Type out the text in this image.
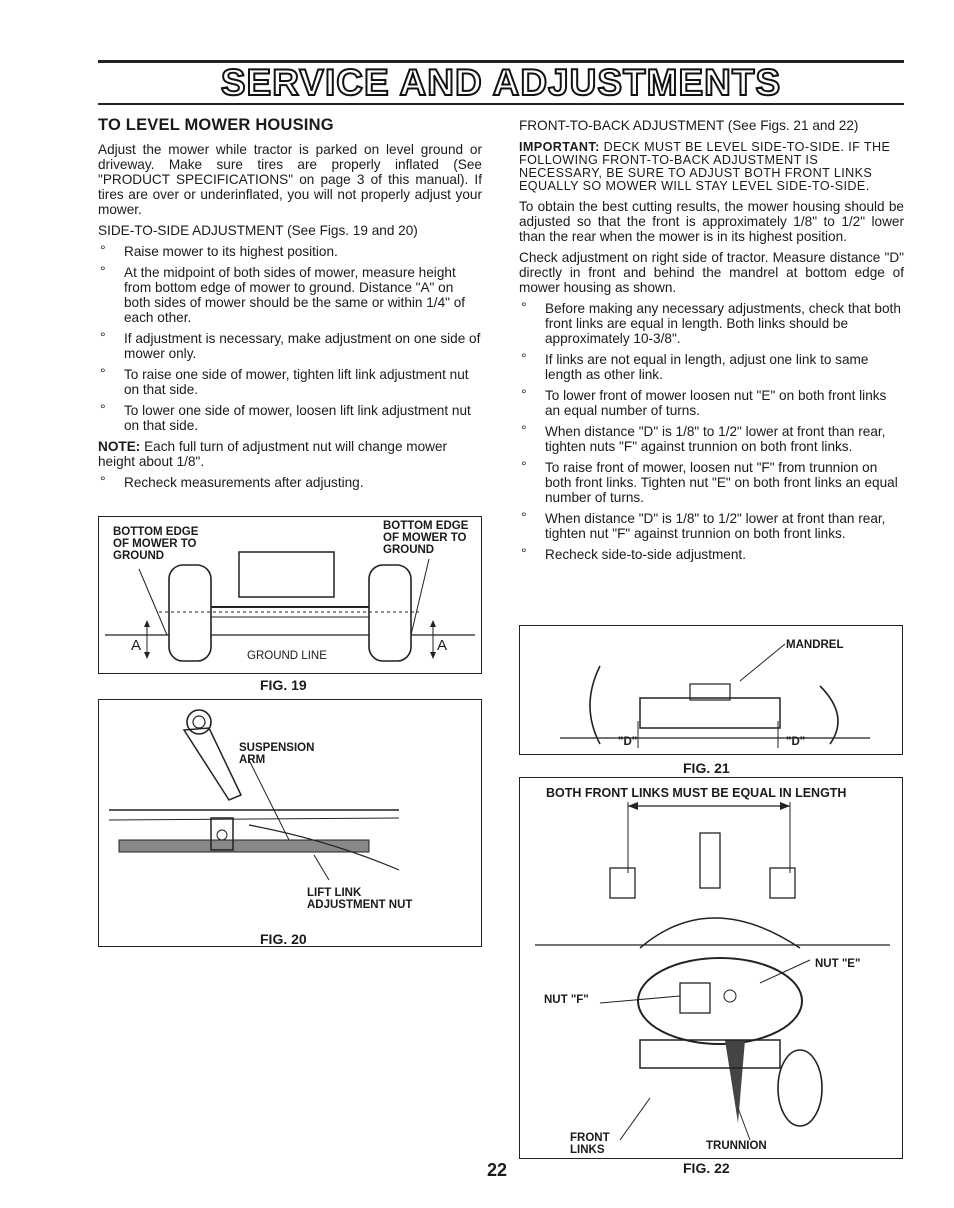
SERVICE AND ADJUSTMENTS
TO LEVEL MOWER HOUSING

Adjust the mower while tractor is parked on level ground or driveway. Make sure tires are properly inflated (See "PRODUCT SPECIFICATIONS" on page 3 of this manual). If tires are over or underinflated, you will not properly adjust your mower.

SIDE-TO-SIDE ADJUSTMENT (See Figs. 19 and 20)

° Raise mower to its highest position.
° At the midpoint of both sides of mower, measure height from bottom edge of mower to ground. Distance "A" on both sides of mower should be the same or within 1/4" of each other.
° If adjustment is necessary, make adjustment on one side of mower only.
° To raise one side of mower, tighten lift link adjustment nut on that side.
° To lower one side of mower, loosen lift link adjustment nut on that side.

NOTE: Each full turn of adjustment nut will change mower height about 1/8".

° Recheck measurements after adjusting.
BOTTOM EDGE
OF MOWER TO
GROUND
BOTTOM EDGE
OF MOWER TO
GROUND
GROUND LINE
A	A
FIG. 19
SUSPENSION
ARM
LIFT LINK
ADJUSTMENT NUT
FIG. 20

FRONT-TO-BACK ADJUSTMENT (See Figs. 21 and 22)

IMPORTANT: DECK MUST BE LEVEL SIDE-TO-SIDE. IF THE FOLLOWING FRONT-TO-BACK ADJUSTMENT IS NECESSARY, BE SURE TO ADJUST BOTH FRONT LINKS EQUALLY SO MOWER WILL STAY LEVEL SIDE-TO-SIDE.

To obtain the best cutting results, the mower housing should be adjusted so that the front is approximately 1/8" to 1/2" lower than the rear when the mower is in its highest position.

Check adjustment on right side of tractor. Measure distance "D" directly in front and behind the mandrel at bottom edge of mower housing as shown.

° Before making any necessary adjustments, check that both front links are equal in length. Both links should be approximately 10-3/8".
° If links are not equal in length, adjust one link to same length as other link.
° To lower front of mower loosen nut "E" on both front links an equal number of turns.
° When distance "D" is 1/8" to 1/2" lower at front than rear, tighten nuts "F" against trunnion on both front links.
° To raise front of mower, loosen nut "F" from trunnion on both front links. Tighten nut "E" on both front links an equal number of turns.
° When distance "D" is 1/8" to 1/2" lower at front than rear, tighten nut "F" against trunnion on both front links.
° Recheck side-to-side adjustment.
MANDREL
"D"	"D"
FIG. 21
BOTH FRONT LINKS MUST BE EQUAL IN LENGTH
NUT "E"
NUT "F"
FRONT
LINKS	TRUNNION
FIG. 22
22
